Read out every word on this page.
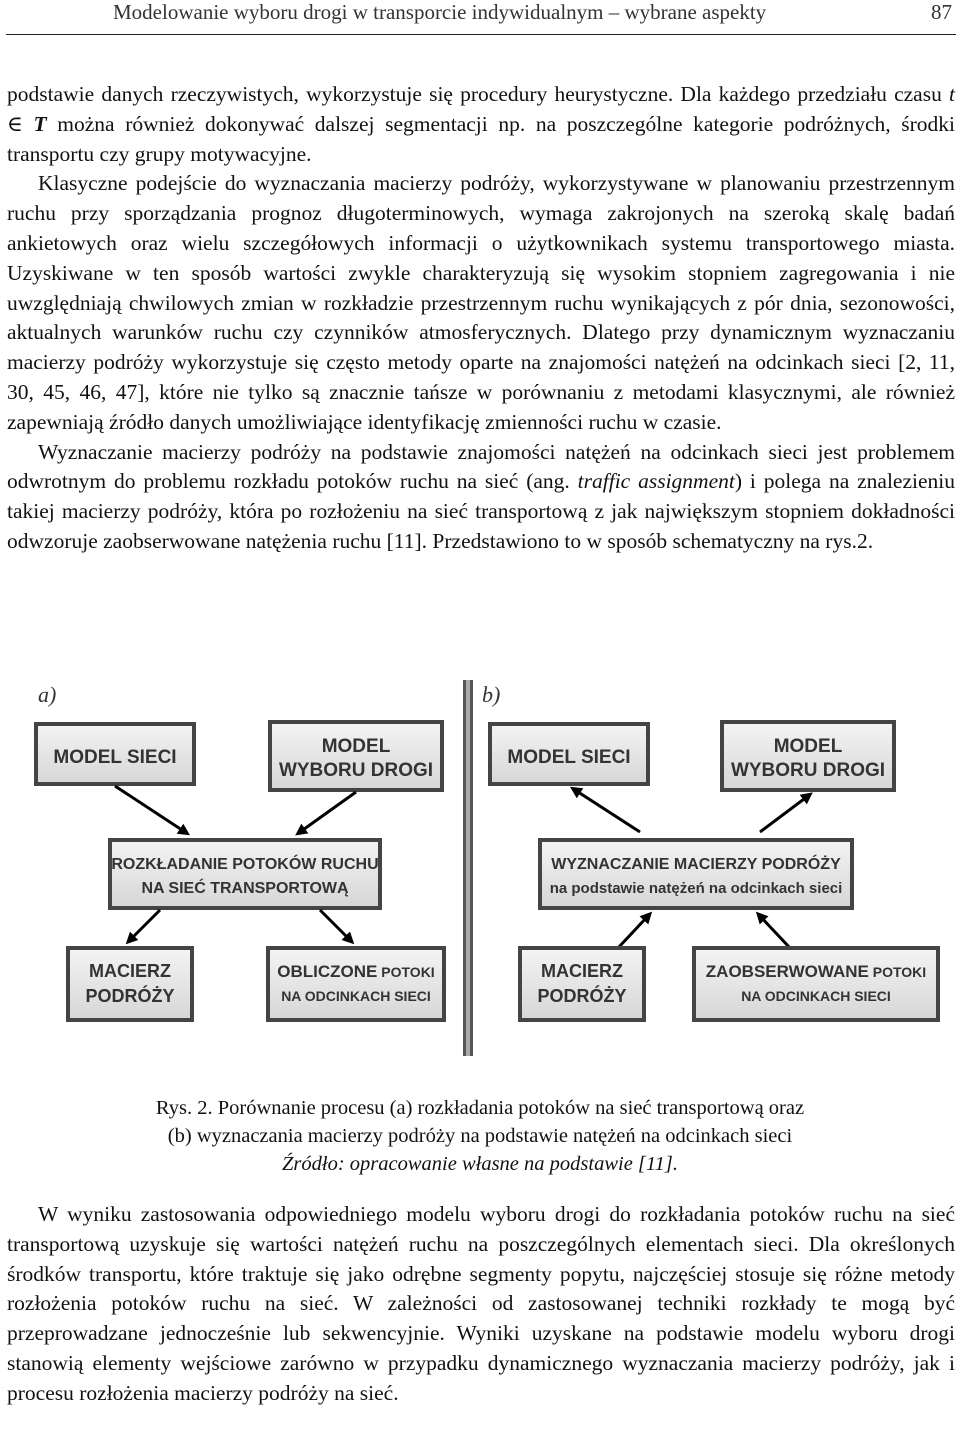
Modelowanie wyboru drogi w transporcie indywidualnym – wybrane aspekty	87

podstawie danych rzeczywistych, wykorzystuje się procedury heurystyczne. Dla każdego przedziału czasu t ∈ T można również dokonywać dalszej segmentacji np. na poszczególne kategorie podróżnych, środki transportu czy grupy motywacyjne.

Klasyczne podejście do wyznaczania macierzy podróży, wykorzystywane w planowaniu przestrzennym ruchu przy sporządzania prognoz długoterminowych, wymaga zakrojonych na szeroką skalę badań ankietowych oraz wielu szczegółowych informacji o użytkownikach systemu transportowego miasta. Uzyskiwane w ten sposób wartości zwykle charakteryzują się wysokim stopniem zagregowania i nie uwzględniają chwilowych zmian w rozkładzie przestrzennym ruchu wynikających z pór dnia, sezonowości, aktualnych warunków ruchu czy czynników atmosferycznych. Dlatego przy dynamicznym wyznaczaniu macierzy podróży wykorzystuje się często metody oparte na znajomości natężeń na odcinkach sieci [2, 11, 30, 45, 46, 47], które nie tylko są znacznie tańsze w porównaniu z metodami klasycznymi, ale również zapewniają źródło danych umożliwiające identyfikację zmienności ruchu w czasie.

Wyznaczanie macierzy podróży na podstawie znajomości natężeń na odcinkach sieci jest problemem odwrotnym do problemu rozkładu potoków ruchu na sieć (ang. traffic assignment) i polega na znalezieniu takiej macierzy podróży, która po rozłożeniu na sieć transportową z jak największym stopniem dokładności odwzoruje zaobserwowane natężenia ruchu [11]. Przedstawiono to w sposób schematyczny na rys.2.

a)
MODEL SIECI
MODEL
WYBORU DROGI
ROZKŁADANIE POTOKÓW RUCHU
NA SIEĆ TRANSPORTOWĄ
MACIERZ
PODRÓŻY
OBLICZONE POTOKI
NA ODCINKACH SIECI
b)
MODEL SIECI
MODEL
WYBORU DROGI
WYZNACZANIE MACIERZY PODRÓŻY
na podstawie natężeń na odcinkach sieci
MACIERZ
PODRÓŻY
ZAOBSERWOWANE POTOKI
NA ODCINKACH SIECI
Rys. 2. Porównanie procesu (a) rozkładania potoków na sieć transportową oraz
(b) wyznaczania macierzy podróży na podstawie natężeń na odcinkach sieci
Źródło: opracowanie własne na podstawie [11].

W wyniku zastosowania odpowiedniego modelu wyboru drogi do rozkładania potoków ruchu na sieć transportową uzyskuje się wartości natężeń ruchu na poszczególnych elementach sieci. Dla określonych środków transportu, które traktuje się jako odrębne segmenty popytu, najczęściej stosuje się różne metody rozłożenia potoków ruchu na sieć. W zależności od zastosowanej techniki rozkłady te mogą być przeprowadzane jednocześnie lub sekwencyjnie. Wyniki uzyskane na podstawie modelu wyboru drogi stanowią elementy wejściowe zarówno w przypadku dynamicznego wyznaczania macierzy podróży, jak i procesu rozłożenia macierzy podróży na sieć.
